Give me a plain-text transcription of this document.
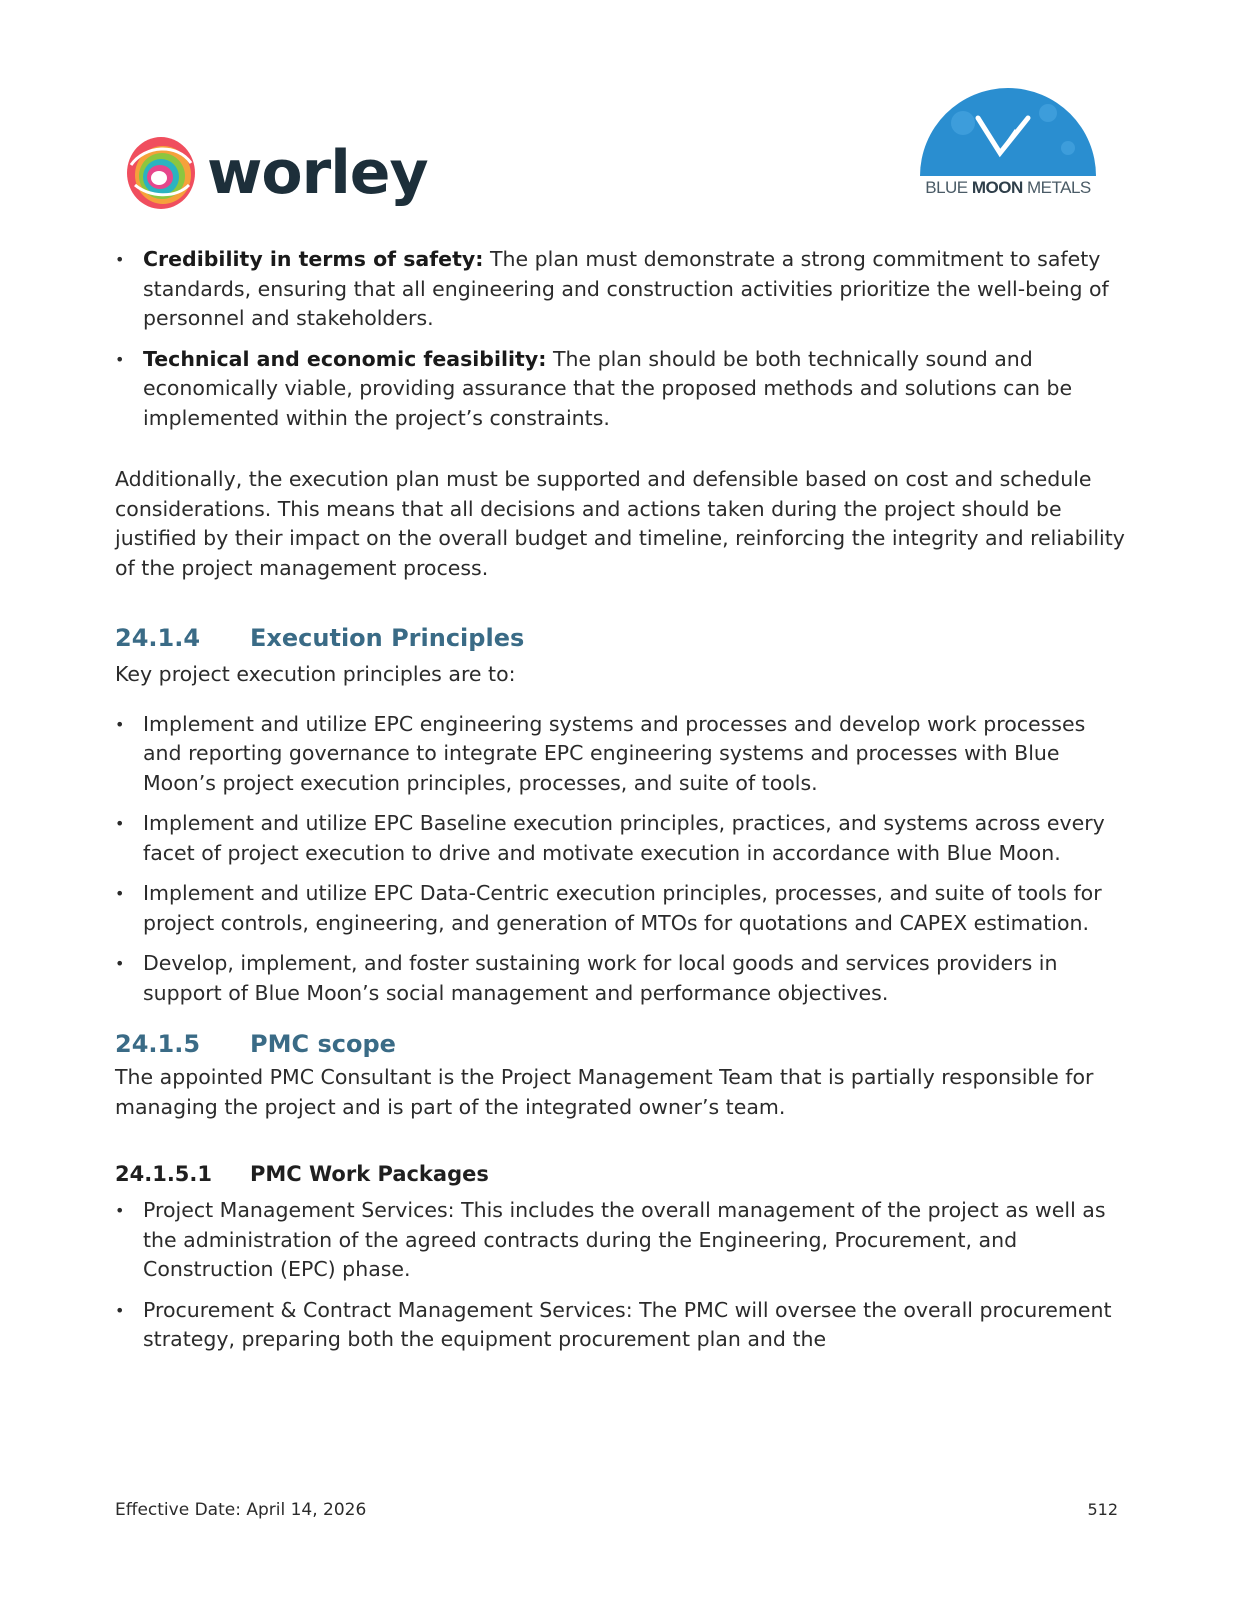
worley	BLUE MOON METALS
• Credibility in terms of safety: The plan must demonstrate a strong commitment to safety standards, ensuring that all engineering and construction activities prioritize the well-being of personnel and stakeholders.
• Technical and economic feasibility: The plan should be both technically sound and economically viable, providing assurance that the proposed methods and solutions can be implemented within the project’s constraints.

Additionally, the execution plan must be supported and defensible based on cost and schedule considerations. This means that all decisions and actions taken during the project should be justified by their impact on the overall budget and timeline, reinforcing the integrity and reliability of the project management process.

24.1.4	Execution Principles

Key project execution principles are to:

• Implement and utilize EPC engineering systems and processes and develop work processes and reporting governance to integrate EPC engineering systems and processes with Blue Moon’s project execution principles, processes, and suite of tools.
• Implement and utilize EPC Baseline execution principles, practices, and systems across every facet of project execution to drive and motivate execution in accordance with Blue Moon.
• Implement and utilize EPC Data-Centric execution principles, processes, and suite of tools for project controls, engineering, and generation of MTOs for quotations and CAPEX estimation.
• Develop, implement, and foster sustaining work for local goods and services providers in support of Blue Moon’s social management and performance objectives.
24.1.5	PMC scope

The appointed PMC Consultant is the Project Management Team that is partially responsible for managing the project and is part of the integrated owner’s team.

24.1.5.1	PMC Work Packages
• Project Management Services: This includes the overall management of the project as well as the administration of the agreed contracts during the Engineering, Procurement, and Construction (EPC) phase.
• Procurement & Contract Management Services: The PMC will oversee the overall procurement strategy, preparing both the equipment procurement plan and the
Effective Date: April 14, 2026	512
